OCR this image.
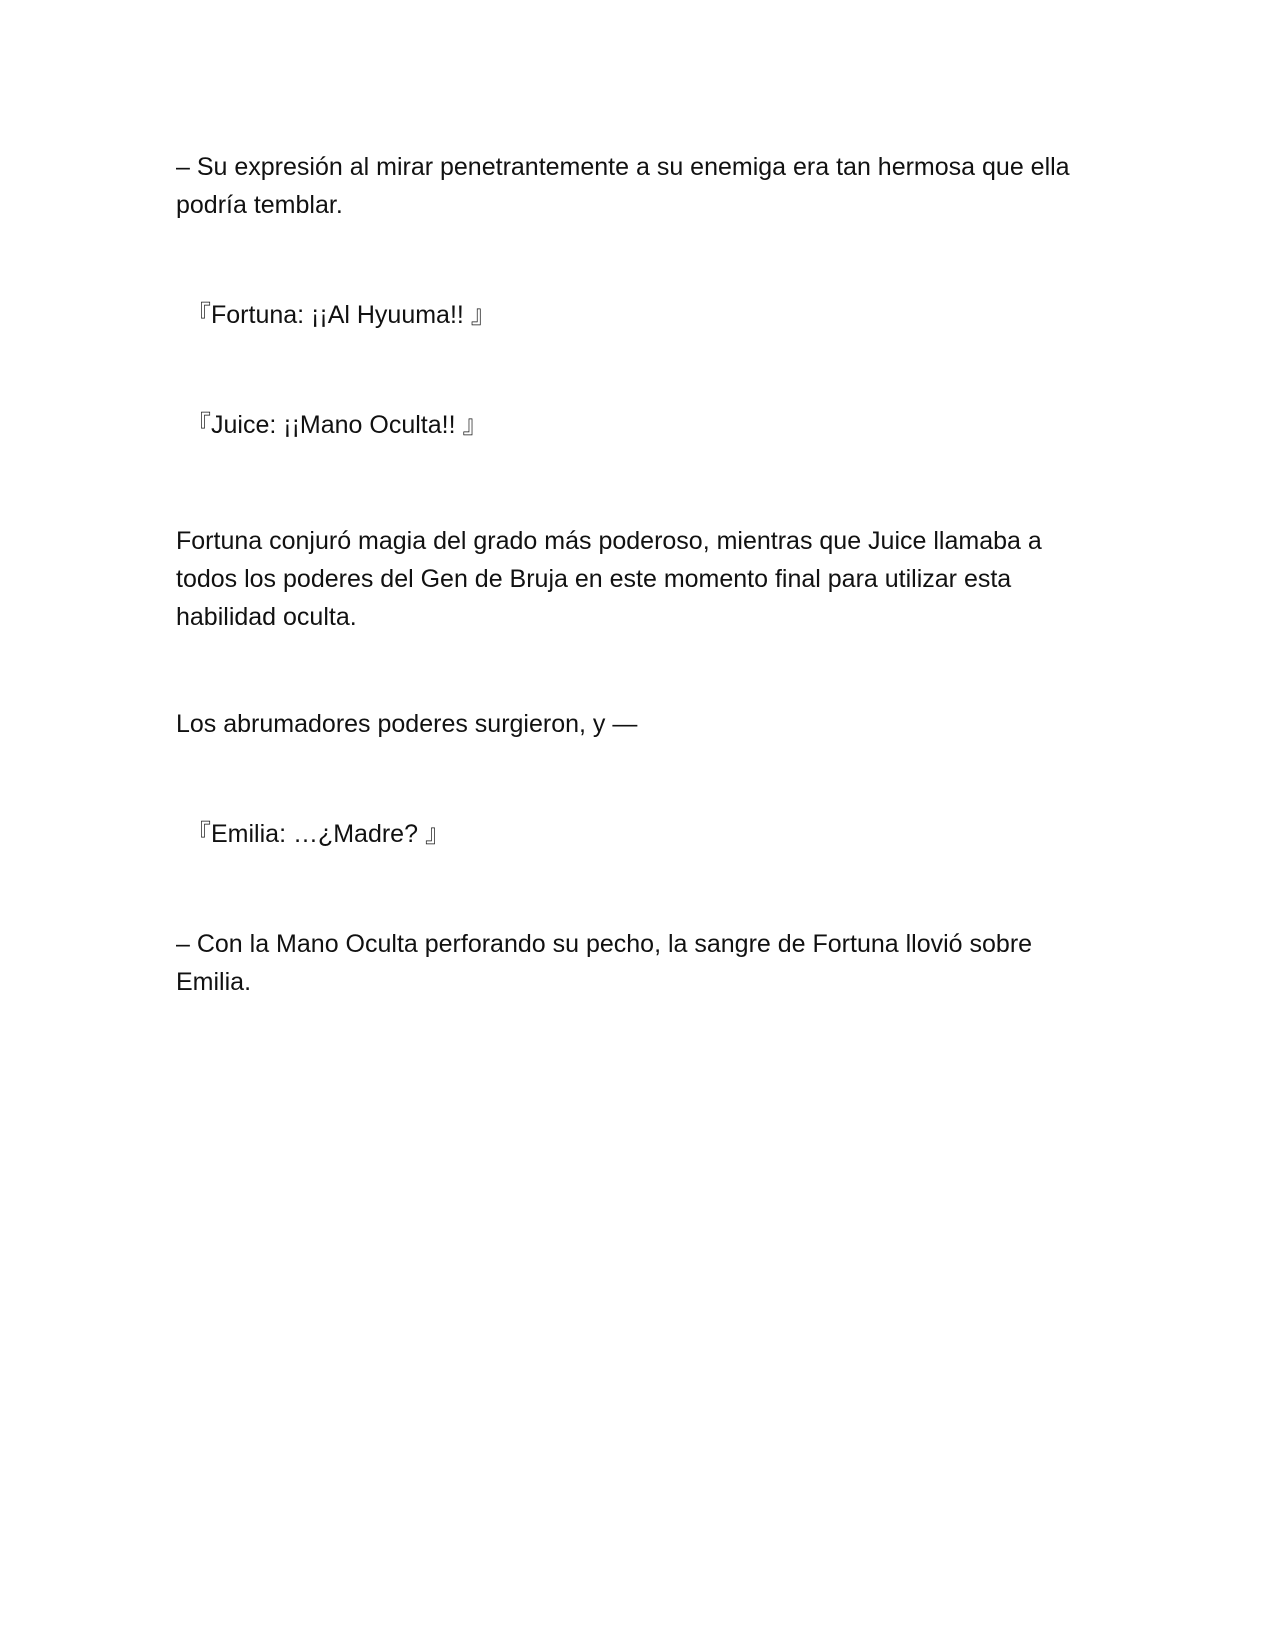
– Su expresión al mirar penetrantemente a su enemiga era tan hermosa que ella podría temblar.

『Fortuna: ¡¡Al Hyuuma!! 』

『Juice: ¡¡Mano Oculta!! 』

Fortuna conjuró magia del grado más poderoso, mientras que Juice llamaba a todos los poderes del Gen de Bruja en este momento final para utilizar esta habilidad oculta.

Los abrumadores poderes surgieron, y —

『Emilia: …¿Madre? 』

– Con la Mano Oculta perforando su pecho, la sangre de Fortuna llovió sobre Emilia.
